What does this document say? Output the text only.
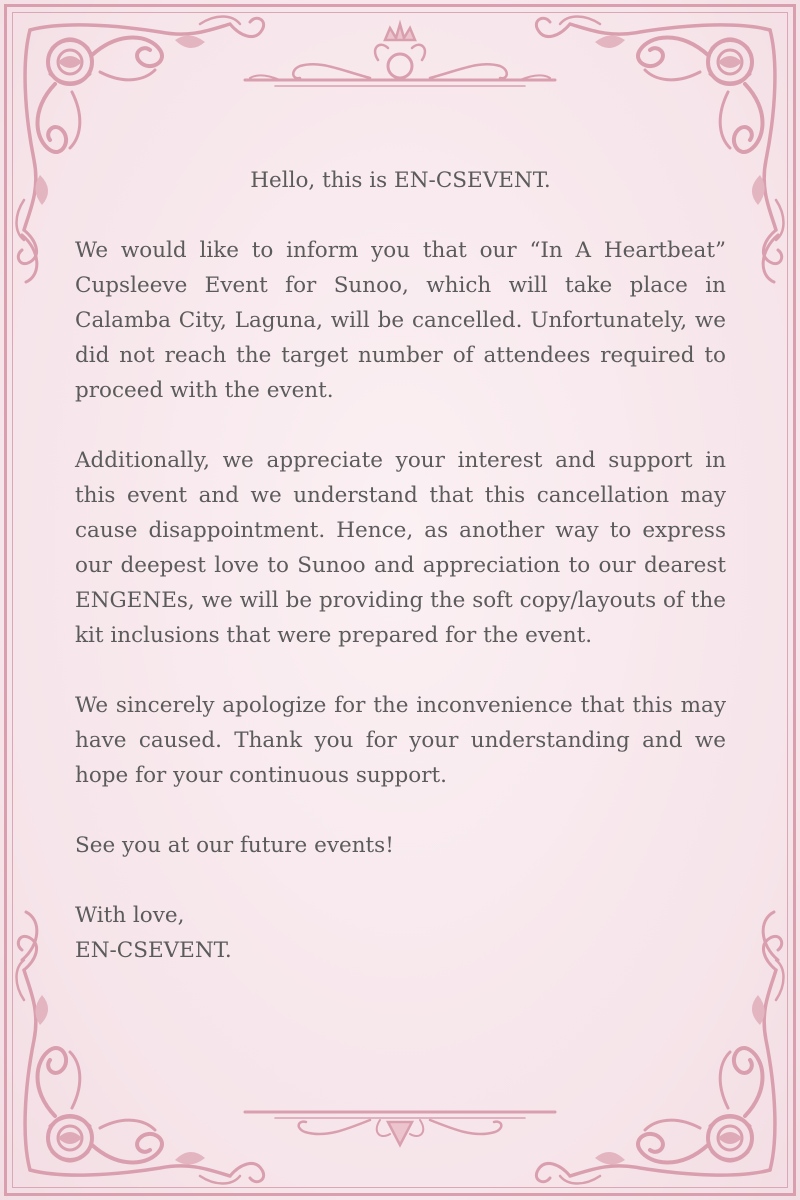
Hello, this is EN-CSEVENT.

We would like to inform you that our “In A Heartbeat” Cupsleeve Event for Sunoo, which will take place in Calamba City, Laguna, will be cancelled. Unfortunately, we did not reach the target number of attendees required to proceed with the event.

Additionally, we appreciate your interest and support in this event and we understand that this cancellation may cause disappointment. Hence, as another way to express our deepest love to Sunoo and appreciation to our dearest ENGENEs, we will be providing the soft copy/layouts of the kit inclusions that were prepared for the event.

We sincerely apologize for the inconvenience that this may have caused. Thank you for your understanding and we hope for your continuous support.

See you at our future events!

With love,

EN-CSEVENT.
